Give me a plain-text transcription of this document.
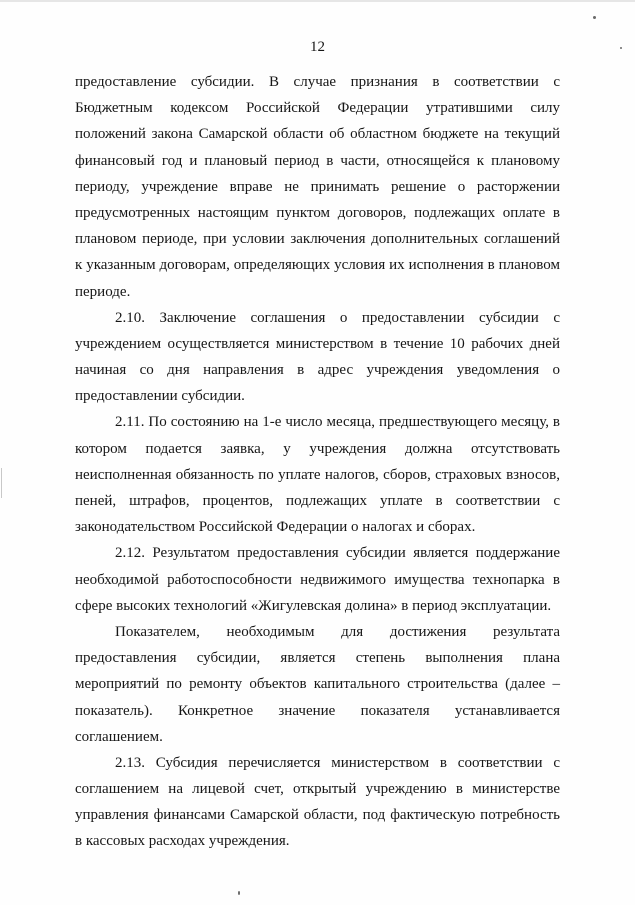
12
предоставление субсидии. В случае признания в соответствии с
Бюджетным кодексом Российской Федерации утратившими силу
положений закона Самарской области об областном бюджете на текущий
финансовый год и плановый период в части, относящейся к плановому
периоду, учреждение вправе не принимать решение о расторжении
предусмотренных настоящим пунктом договоров, подлежащих оплате в
плановом периоде, при условии заключения дополнительных соглашений
к указанным договорам, определяющих условия их исполнения в плановом
периоде.
2.10. Заключение соглашения о предоставлении субсидии с
учреждением осуществляется министерством в течение 10 рабочих дней
начиная со дня направления в адрес учреждения уведомления о
предоставлении субсидии.
2.11. По состоянию на 1-е число месяца, предшествующего месяцу, в
котором подается заявка, у учреждения должна отсутствовать
неисполненная обязанность по уплате налогов, сборов, страховых взносов,
пеней, штрафов, процентов, подлежащих уплате в соответствии с
законодательством Российской Федерации о налогах и сборах.
2.12. Результатом предоставления субсидии является поддержание
необходимой работоспособности недвижимого имущества технопарка в
сфере высоких технологий «Жигулевская долина» в период эксплуатации.
Показателем, необходимым для достижения результата
предоставления субсидии, является степень выполнения плана
мероприятий по ремонту объектов капитального строительства (далее –
показатель). Конкретное значение показателя устанавливается
соглашением.
2.13. Субсидия перечисляется министерством в соответствии с
соглашением на лицевой счет, открытый учреждению в министерстве
управления финансами Самарской области, под фактическую потребность
в кассовых расходах учреждения.
